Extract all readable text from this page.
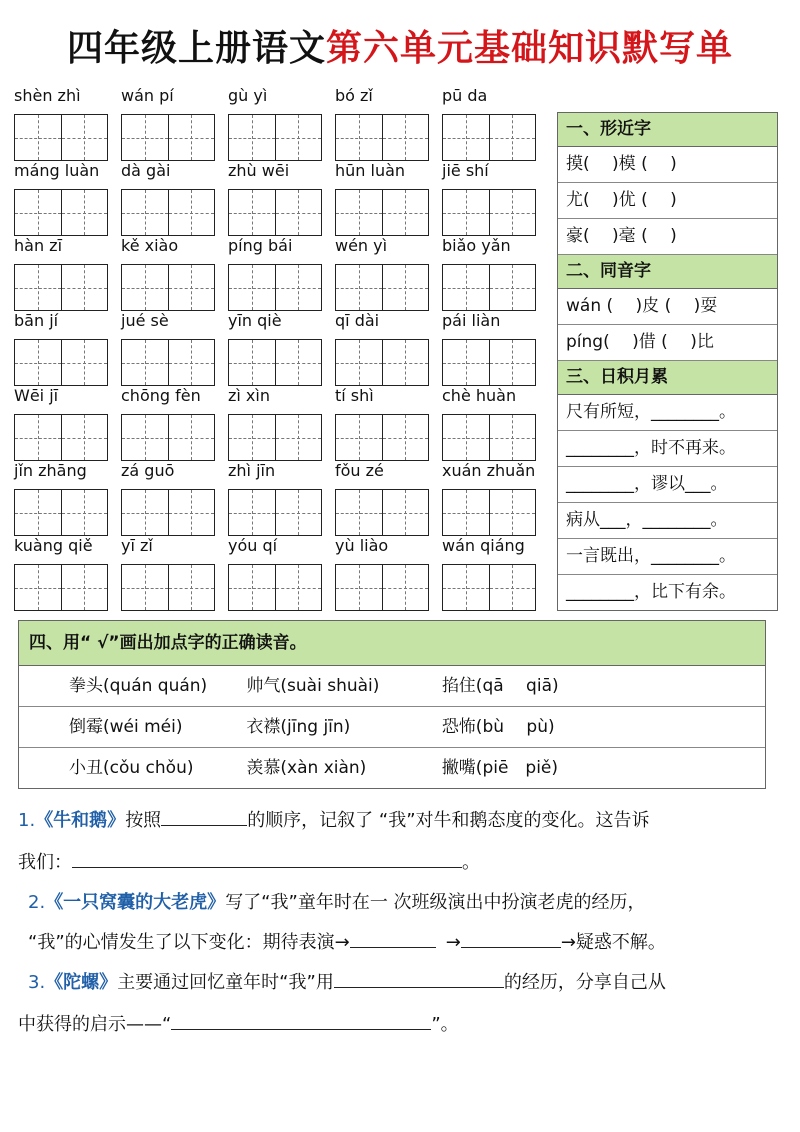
四年级上册语文第六单元基础知识默写单
shèn zhì	wán pí	gù yì	bó zǐ	pū da
máng luàn	dà gài	zhù wēi	hūn luàn	jiē shí
hàn zī	kě xiào	píng bái	wén yì	biǎo yǎn
bān jí	jué sè	yīn qiè	qī dài	pái liàn
Wēi jī	chōng fèn	zì xìn	tí shì	chè huàn
jǐn zhāng	zá guō	zhì jīn	fǒu zé	xuán zhuǎn
kuàng qiě	yī zǐ	yóu qí	yù liào	wán qiáng
一、形近字
摸(　 )模 (　 )
尤(　 )优 (　 )
豪(　 )毫 (　 )
二、同音字
wán (　 )皮 (　 )耍
píng(　 )借 (　 )比
三、日积月累
尺有所短，________。
________，时不再来。
________，谬以___。
病从___，________。
一言既出，________。
________，比下有余。
四、用“ √”画出加点字的正确读音。
拳头(quán quán) 帅气(suài shuài)	掐住(qā　 qiā)
倒霉(wéi méi)	衣襟(jīng jīn)	恐怖(bù　 pù)
小丑(cǒu chǒu)	羡慕(xàn xiàn)	撇嘴(piē　piě)
1.《牛和鹅》按照	的顺序，记叙了 “我”对牛和鹅态度的变化。这告诉
我们：	。
2.《一只窝囊的大老虎》写了“我”童年时在一 次班级演出中扮演老虎的经历，
“我”的心情发生了以下变化：期待表演→	→	→疑惑不解。
3.《陀螺》主要通过回忆童年时“我”用	的经历，分享自己从
中获得的启示——“	”。
